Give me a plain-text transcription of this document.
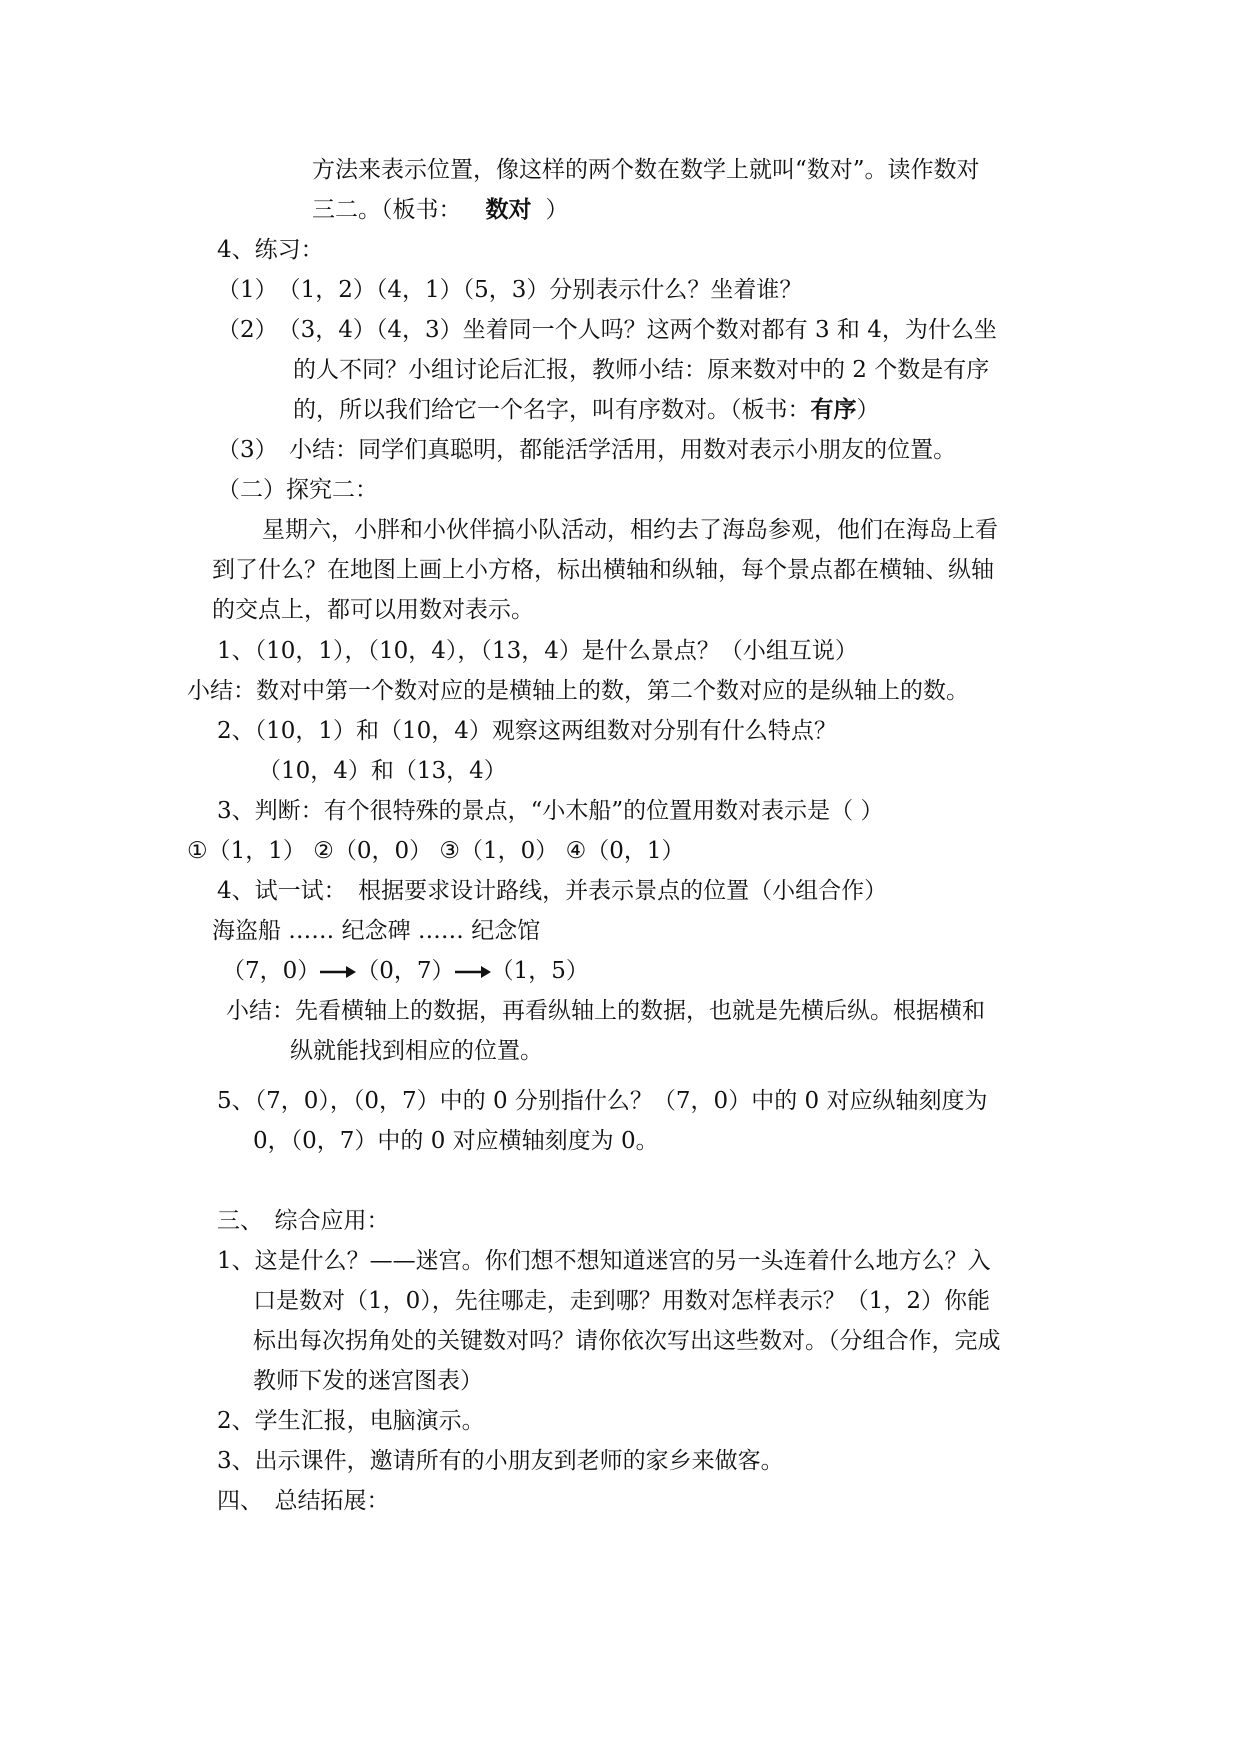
方法来表示位置，像这样的两个数在数学上就叫“数对”。读作数对
三二。（板书： 数对 ）
4、练习：
（1）　（1，2）（4，1）（5，3）分别表示什么？坐着谁？
（2）　（3，4）（4，3）坐着同一个人吗？这两个数对都有 3 和 4，为什么坐
的人不同？小组讨论后汇报，教师小结：原来数对中的 2 个数是有序
的，所以我们给它一个名字，叫有序数对。（板书：有序）
（3）　小结：同学们真聪明，都能活学活用，用数对表示小朋友的位置。
（二）探究二：
星期六，小胖和小伙伴搞小队活动，相约去了海岛参观，他们在海岛上看
到了什么？在地图上画上小方格，标出横轴和纵轴，每个景点都在横轴、纵轴
的交点上，都可以用数对表示。
1、（10，1），（10，4），（13，4）是什么景点？（小组互说）
小结：数对中第一个数对应的是横轴上的数，第二个数对应的是纵轴上的数。
2、（10，1）和（10，4）观察这两组数对分别有什么特点？
（10，4）和（13，4）
3、判断：有个很特殊的景点，“小木船”的位置用数对表示是（ ）
①（1，1） ②（0，0） ③（1，0） ④（0，1）
4、试一试：　根据要求设计路线，并表示景点的位置（小组合作）
海盗船 …… 纪念碑 …… 纪念馆
（7，0） （0，7） （1，5）
小结：先看横轴上的数据，再看纵轴上的数据，也就是先横后纵。根据横和
纵就能找到相应的位置。
5、（7，0），（0，7）中的 0 分别指什么？（7，0）中的 0 对应纵轴刻度为
0，（0，7）中的 0 对应横轴刻度为 0。
三、　综合应用：
1、这是什么？——迷宫。你们想不想知道迷宫的另一头连着什么地方么？入
口是数对（1，0），先往哪走，走到哪？用数对怎样表示？（1，2）你能
标出每次拐角处的关键数对吗？请你依次写出这些数对。（分组合作，完成
教师下发的迷宫图表）
2、学生汇报，电脑演示。
3、出示课件，邀请所有的小朋友到老师的家乡来做客。
四、　总结拓展：
